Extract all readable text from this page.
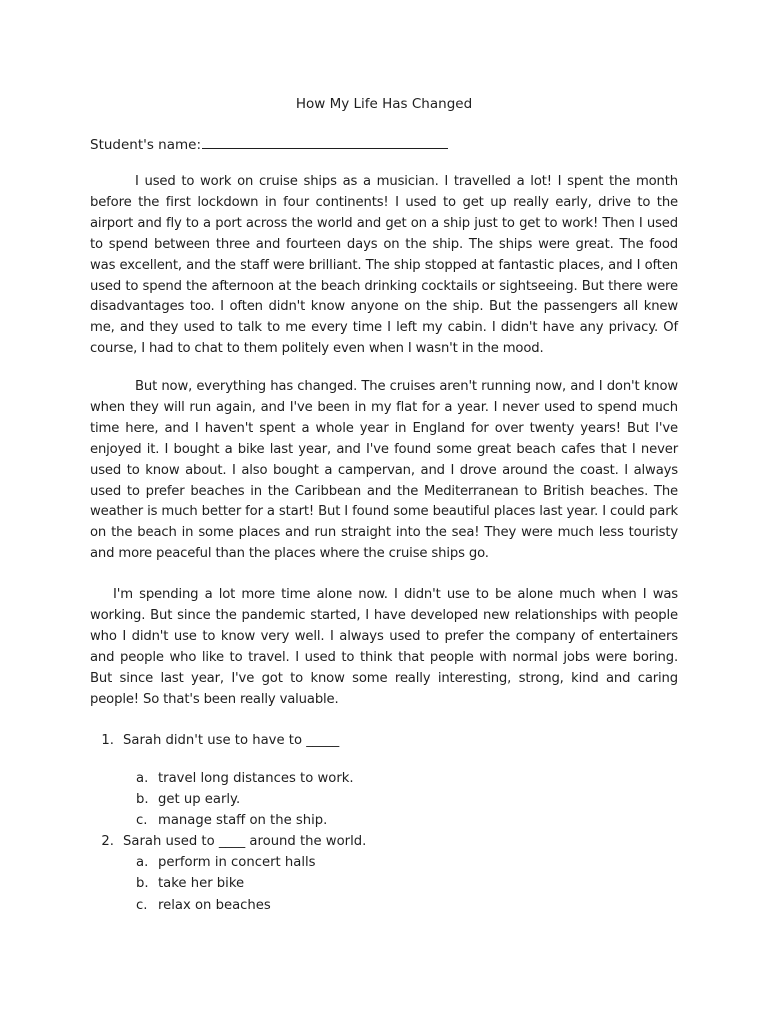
How My Life Has Changed
Student's name:

I used to work on cruise ships as a musician. I travelled a lot! I spent the month before the first lockdown in four continents! I used to get up really early, drive to the airport and fly to a port across the world and get on a ship just to get to work! Then I used to spend between three and fourteen days on the ship. The ships were great. The food was excellent, and the staff were brilliant. The ship stopped at fantastic places, and I often used to spend the afternoon at the beach drinking cocktails or sightseeing. But there were disadvantages too. I often didn't know anyone on the ship. But the passengers all knew me, and they used to talk to me every time I left my cabin. I didn't have any privacy. Of course, I had to chat to them politely even when I wasn't in the mood.

But now, everything has changed. The cruises aren't running now, and I don't know when they will run again, and I've been in my flat for a year. I never used to spend much time here, and I haven't spent a whole year in England for over twenty years! But I've enjoyed it. I bought a bike last year, and I've found some great beach cafes that I never used to know about. I also bought a campervan, and I drove around the coast. I always used to prefer beaches in the Caribbean and the Mediterranean to British beaches. The weather is much better for a start! But I found some beautiful places last year. I could park on the beach in some places and run straight into the sea! They were much less touristy and more peaceful than the places where the cruise ships go.

I'm spending a lot more time alone now. I didn't use to be alone much when I was working. But since the pandemic started, I have developed new relationships with people who I didn't use to know very well. I always used to prefer the company of entertainers and people who like to travel. I used to think that people with normal jobs were boring. But since last year, I've got to know some really interesting, strong, kind and caring people! So that's been really valuable.

1. Sarah didn't use to have to _____
a. travel long distances to work.
b. get up early.
c. manage staff on the ship.
2. Sarah used to ____ around the world.
a. perform in concert halls
b. take her bike
c. relax on beaches
